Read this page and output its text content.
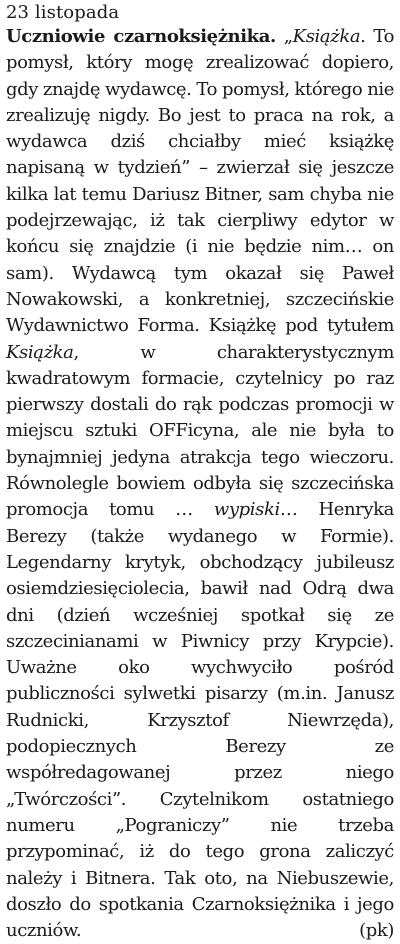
23 listopada

Uczniowie czarnoksiężnika. „Książka. To pomysł, który mogę zrealizować dopiero, gdy znajdę wydawcę. To pomysł, którego nie zrealizuję nigdy. Bo jest to praca na rok, a wydawca dziś chciałby mieć książkę napisaną w tydzień” – zwierzał się jeszcze kilka lat temu Dariusz Bitner, sam chyba nie podejrzewając, iż tak cierpliwy edytor w końcu się znajdzie (i nie będzie nim… on sam). Wydawcą tym okazał się Paweł Nowakowski, a konkretniej, szczecińskie Wydawnictwo Forma. Książkę pod tytułem Książka, w charakterystycznym kwadratowym formacie, czytelnicy po raz pierwszy dostali do rąk podczas promocji w miejscu sztuki OFFicyna, ale nie była to bynajmniej jedyna atrakcja tego wieczoru. Równolegle bowiem odbyła się szczecińska promocja tomu … wypiski… Henryka Berezy (także wydanego w Formie). Legendarny krytyk, obchodzący jubileusz osiemdziesięciolecia, bawił nad Odrą dwa dni (dzień wcześniej spotkał się ze szczecinianami w Piwnicy przy Krypcie). Uważne oko wychwyciło pośród publiczności sylwetki pisarzy (m.in. Janusz Rudnicki, Krzysztof Niewrzęda), podopiecznych Berezy ze współredagowanej przez niego „Twórczości”. Czytelnikom ostatniego numeru „Pograniczy” nie trzeba przypominać, iż do tego grona zaliczyć należy i Bitnera. Tak oto, na Niebuszewie, doszło do spotkania Czarnoksiężnika i jego uczniów.	(pk)
